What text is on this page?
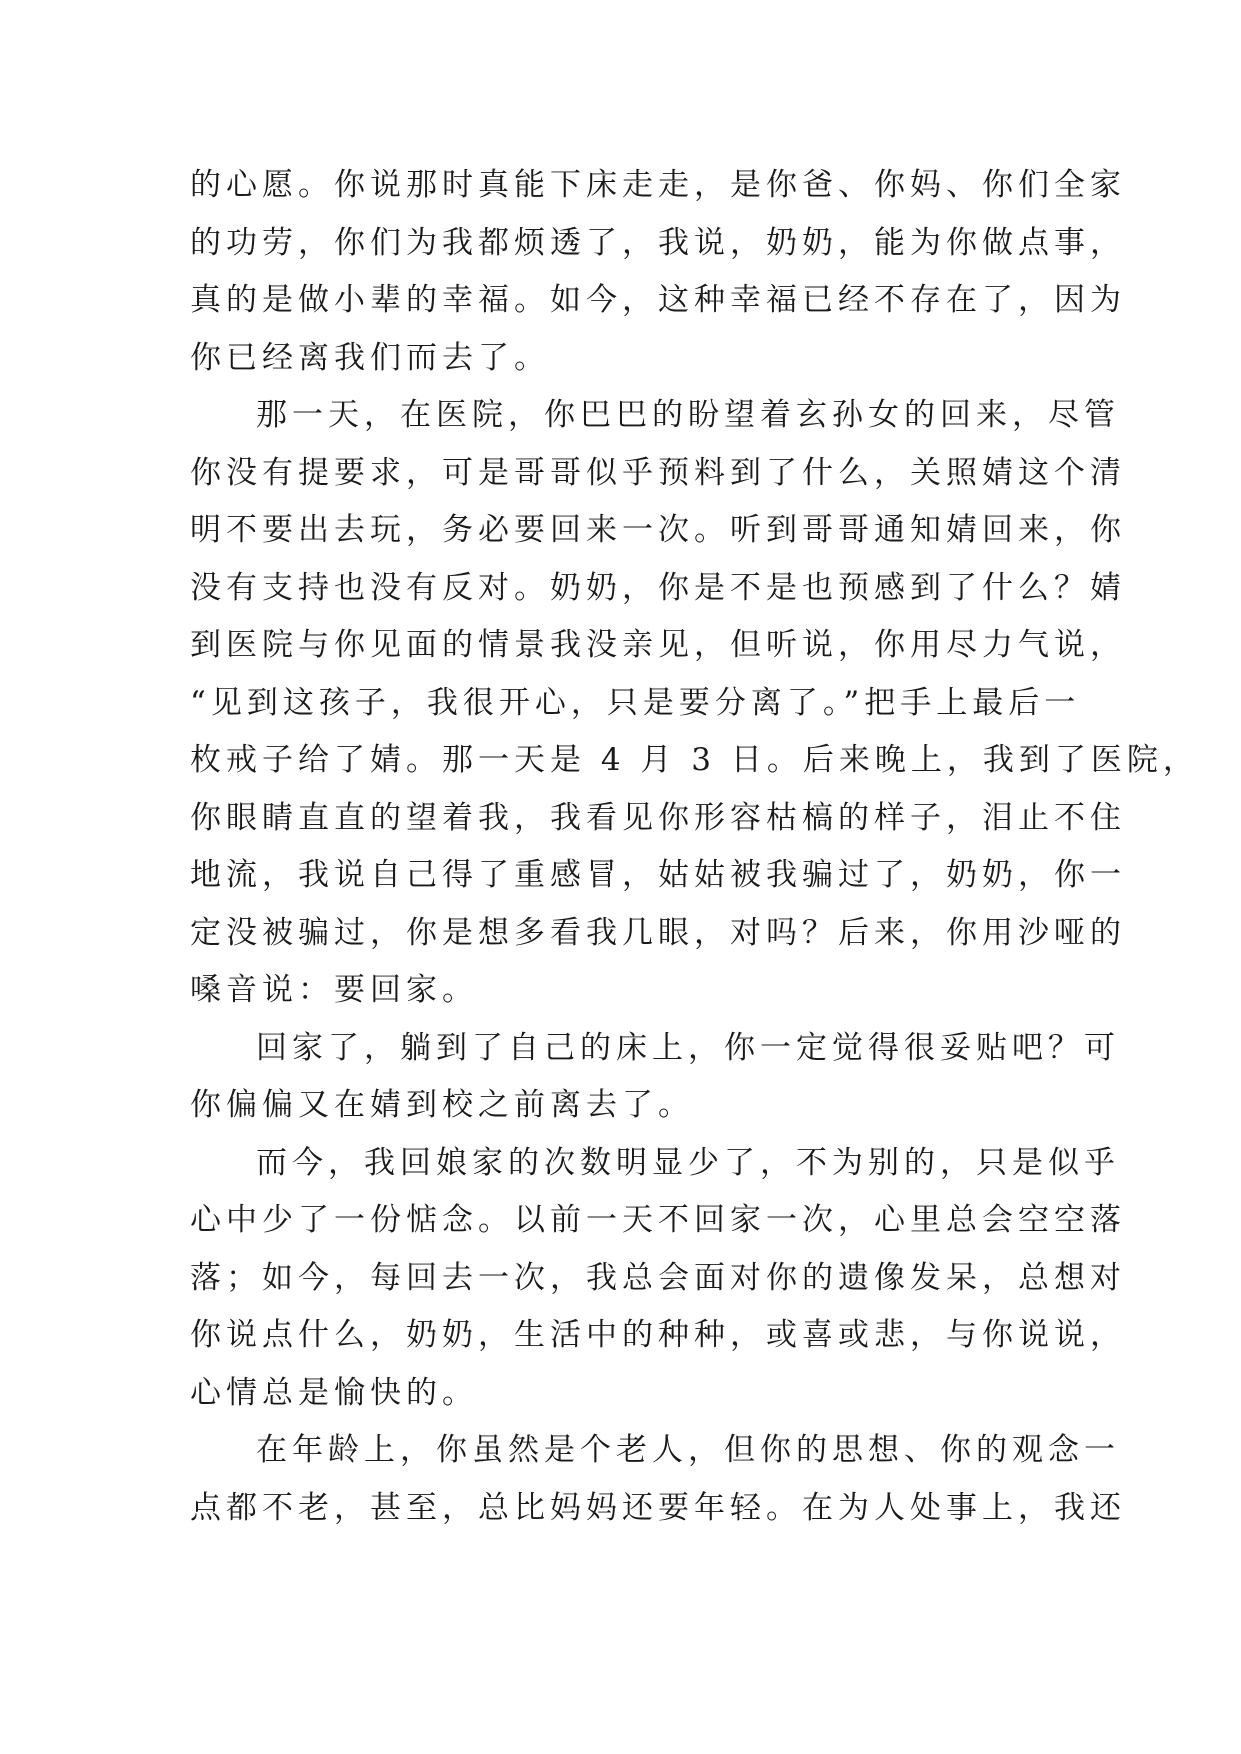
的心愿。你说那时真能下床走走，是你爸、你妈、你们全家
的功劳，你们为我都烦透了，我说，奶奶，能为你做点事，
真的是做小辈的幸福。如今，这种幸福已经不存在了，因为
你已经离我们而去了。
那一天，在医院，你巴巴的盼望着玄孙女的回来，尽管
你没有提要求，可是哥哥似乎预料到了什么，关照婧这个清
明不要出去玩，务必要回来一次。听到哥哥通知婧回来，你
没有支持也没有反对。奶奶，你是不是也预感到了什么？婧
到医院与你见面的情景我没亲见，但听说，你用尽力气说，
“见到这孩子，我很开心，只是要分离了。”把手上最后一
枚戒子给了婧。那一天是 4 月 3 日。后来晚上，我到了医院，
你眼睛直直的望着我，我看见你形容枯槁的样子，泪止不住
地流，我说自己得了重感冒，姑姑被我骗过了，奶奶，你一
定没被骗过，你是想多看我几眼，对吗？后来，你用沙哑的
嗓音说：要回家。
回家了，躺到了自己的床上，你一定觉得很妥贴吧？可
你偏偏又在婧到校之前离去了。
而今，我回娘家的次数明显少了，不为别的，只是似乎
心中少了一份惦念。以前一天不回家一次，心里总会空空落
落；如今，每回去一次，我总会面对你的遗像发呆，总想对
你说点什么，奶奶，生活中的种种，或喜或悲，与你说说，
心情总是愉快的。
在年龄上，你虽然是个老人，但你的思想、你的观念一
点都不老，甚至，总比妈妈还要年轻。在为人处事上，我还
